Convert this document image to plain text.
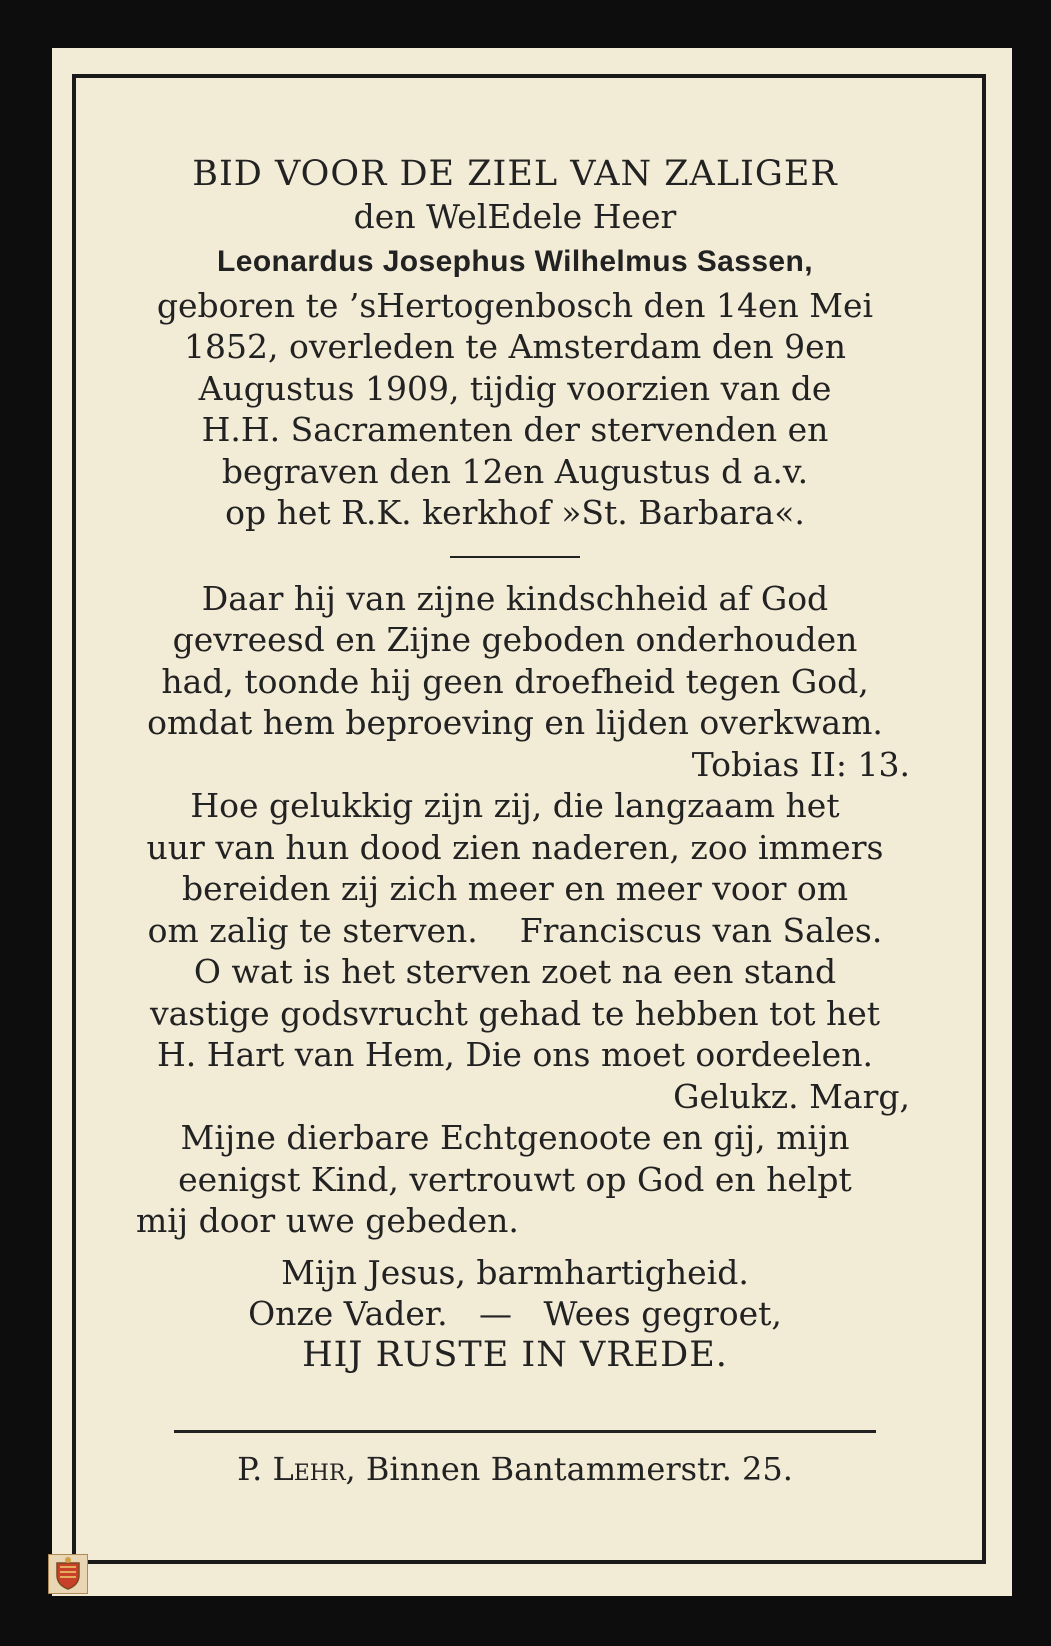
BID VOOR DE ZIEL VAN ZALIGER
den WelEdele Heer
Leonardus Josephus Wilhelmus Sassen,
geboren te ’sHertogenbosch den 14en Mei
1852, overleden te Amsterdam den 9en
Augustus 1909, tijdig voorzien van de
H.H. Sacramenten der stervenden en
begraven den 12en Augustus d a.v.
op het R.K. kerkhof »St. Barbara«.
Daar hij van zijne kindschheid af God
gevreesd en Zijne geboden onderhouden
had, toonde hij geen droefheid tegen God,
omdat hem beproeving en lijden overkwam.
Tobias II: 13.
Hoe gelukkig zijn zij, die langzaam het
uur van hun dood zien naderen, zoo immers
bereiden zij zich meer en meer voor om
om zalig te sterven.    Franciscus van Sales.
O wat is het sterven zoet na een stand
vastige godsvrucht gehad te hebben tot het
H. Hart van Hem, Die ons moet oordeelen.
Gelukz. Marg,
Mijne dierbare Echtgenoote en gij, mijn
eenigst Kind, vertrouwt op God en helpt
mij door uwe gebeden.
Mijn Jesus, barmhartigheid.
Onze Vader.   —   Wees gegroet,
HIJ RUSTE IN VREDE.
P. Lehr, Binnen Bantammerstr. 25.
